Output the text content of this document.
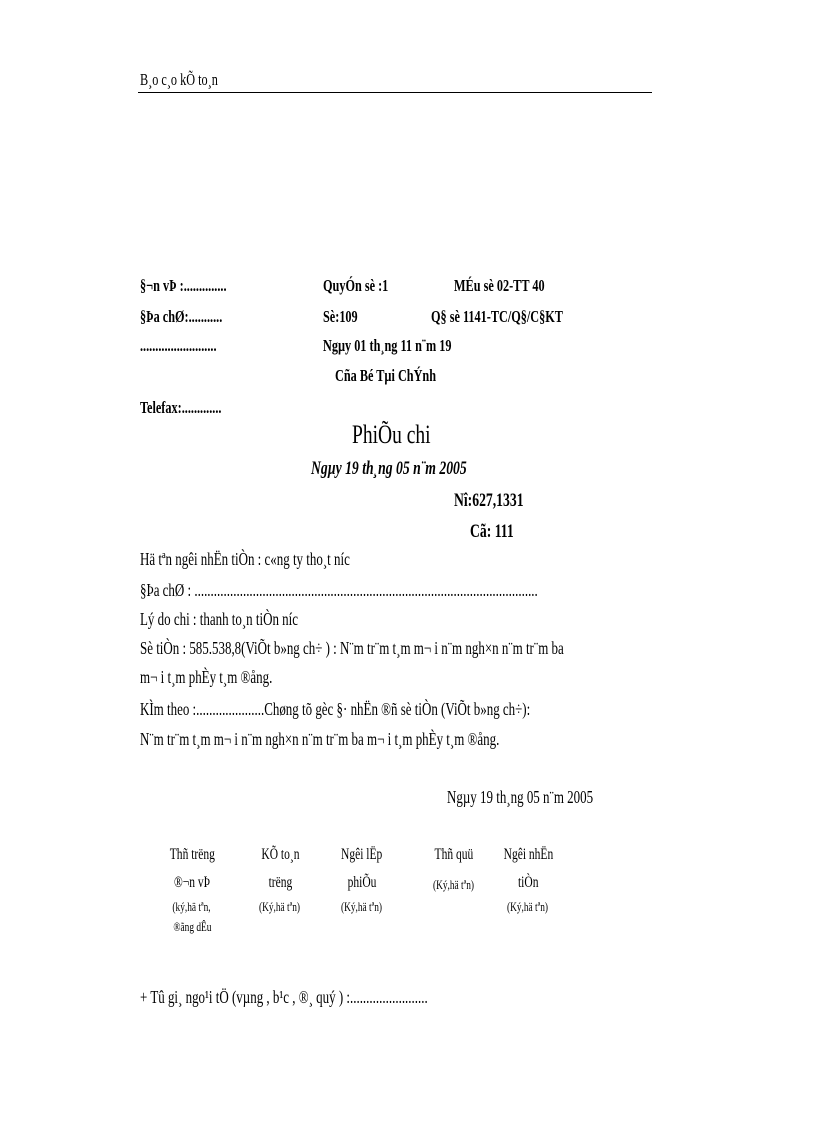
B¸o c¸o kÕ to¸n
§¬n vÞ :..............
§Þa chØ:...........
.........................
Telefax:.............
QuyÓn sè :1
Sè:109
Ngµy 01 th¸ng 11 n¨m 19
Cña Bé Tµi ChÝnh
MÉu sè 02-TT 40
Q§ sè 1141-TC/Q§/C§KT
PhiÕu chi
Ngµy 19 th¸ng 05 n¨m 2005
Nî:627,1331
Cã: 111
Hä tªn ngêi nhËn tiÒn : c«ng ty tho¸t níc
§Þa chØ : ..........................................................................................................
Lý do chi : thanh to¸n tiÒn níc
Sè tiÒn : 585.538,8(ViÕt b»ng ch÷ ) : N¨m tr¨m t¸m m¬ i n¨m ngh×n n¨m tr¨m ba
m¬ i t¸m phÈy t¸m ®ång.
KÌm theo :.....................Chøng tõ gèc §· nhËn ®ñ sè tiÒn (ViÕt b»ng ch÷):
N¨m tr¨m t¸m m¬ i n¨m ngh×n n¨m tr¨m ba m¬ i t¸m phÈy t¸m ®ång.
Ngµy 19 th¸ng 05 n¨m 2005
Thñ trëng
®¬n vÞ
(ký,hä tªn,
®ãng dÊu
KÕ to¸n
trëng
(Ký,hä tªn)
Ngêi lËp
phiÕu
(Ký,hä tªn)
Thñ quü
(Ký,hä tªn)
Ngêi nhËn
tiÒn
(Ký,hä tªn)
+ Tû gi¸ ngo¹i tÖ (vµng , b¹c , ®¸ quý ) :........................
